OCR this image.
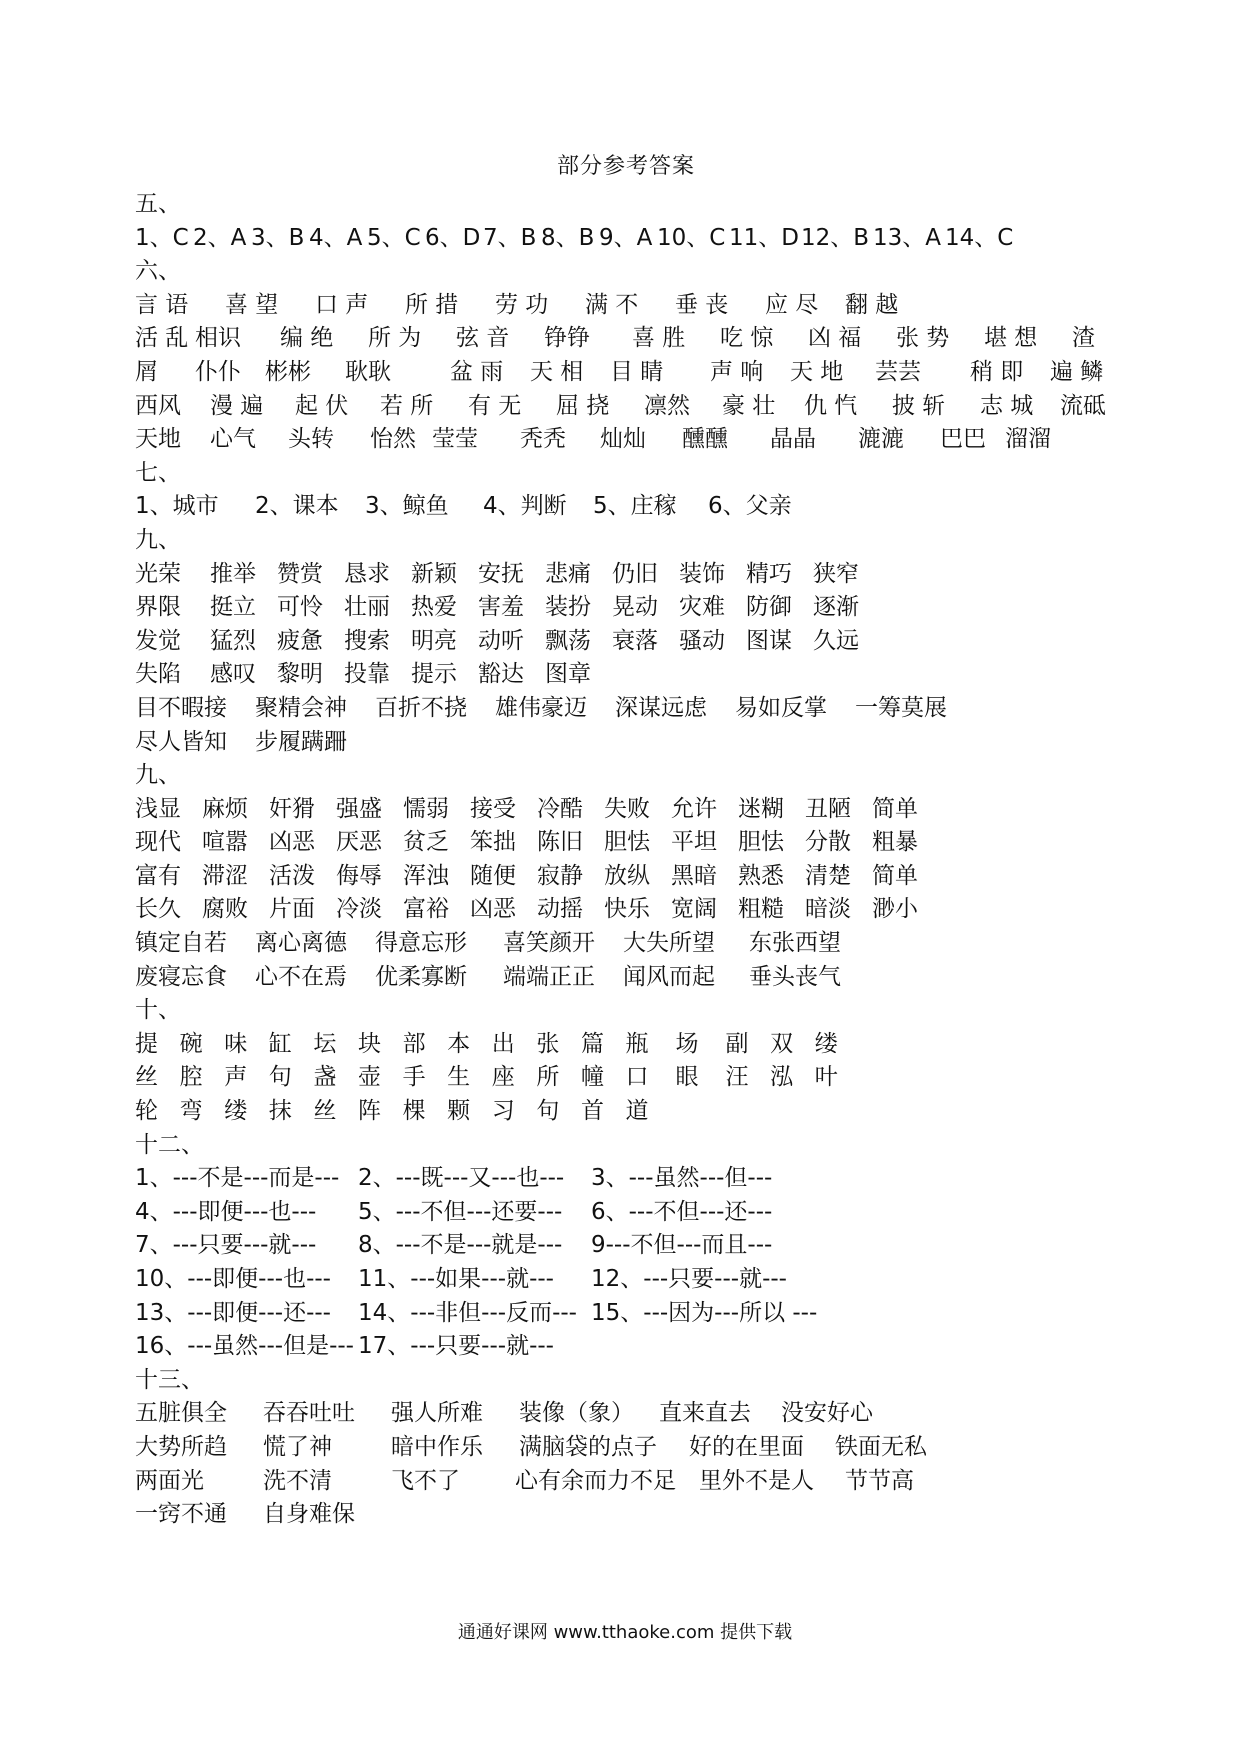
部分参考答案
五、
1、C 2、A 3、B 4、A 5、C 6、D 7、B 8、B 9、A 10、C 11、D12、B 13、A 14、C
六、
言 语 喜 望 口 声 所 措 劳 功 满 不 垂 丧 应 尽 翻 越
活 乱 相识 编 绝 所 为 弦 音 铮铮 喜 胜 吃 惊 凶 福 张 势 堪 想 渣
屑 仆仆 彬彬 耿耿	盆 雨 天 相 目 睛 声 响 天 地 芸芸 稍 即 遍 鳞
西风 漫 遍 起 伏 若 所 有 无 屈 挠 凛然 豪 壮 仇 忾 披 斩 志 城 流砥
天地 心气 头转 怡然 莹莹 秃秃 灿灿 醺醺 晶晶 漉漉 巴巴 溜溜
七、
1、城市 2、课本 3、鲸鱼 4、判断 5、庄稼 6、父亲
九、
光荣 推举 赞赏 恳求 新颖 安抚 悲痛 仍旧 装饰 精巧 狭窄
界限 挺立 可怜 壮丽 热爱 害羞 装扮 晃动 灾难 防御 逐渐
发觉 猛烈 疲惫 搜索 明亮 动听 飘荡 衰落 骚动 图谋 久远
失陷 感叹 黎明 投靠 提示 豁达 图章
目不暇接 聚精会神 百折不挠 雄伟豪迈 深谋远虑 易如反掌 一筹莫展
尽人皆知 步履蹒跚
九、
浅显 麻烦 奸猾 强盛 懦弱 接受 冷酷 失败 允许 迷糊 丑陋 简单
现代 喧嚣 凶恶 厌恶 贫乏 笨拙 陈旧 胆怯 平坦 胆怯 分散 粗暴
富有 滞涩 活泼 侮辱 浑浊 随便 寂静 放纵 黑暗 熟悉 清楚 简单
长久 腐败 片面 冷淡 富裕 凶恶 动摇 快乐 宽阔 粗糙 暗淡 渺小
镇定自若 离心离德 得意忘形 喜笑颜开 大失所望 东张西望
废寝忘食 心不在焉 优柔寡断 端端正正 闻风而起 垂头丧气
十、
提 碗 味 缸 坛 块 部 本 出 张 篇 瓶 场 副 双 缕
丝 腔 声 句 盏 壶 手 生 座 所 幢 口 眼 汪 泓 叶
轮 弯 缕 抹 丝 阵 棵 颗 习 句 首 道
十二、
1、---不是---而是--- 2、---既---又---也--- 3、---虽然---但---
4、---即便---也--- 5、---不但---还要--- 6、---不但---还---
7、---只要---就--- 8、---不是---就是--- 9---不但---而且---
10、---即便---也--- 11、---如果---就--- 12、---只要---就---
13、---即便---还--- 14、---非但---反而--- 15、---因为---所以 ---
16、---虽然---但是--- 17、---只要---就---
十三、
五脏俱全 吞吞吐吐 强人所难 装像（象） 直来直去 没安好心
大势所趋 慌了神	暗中作乐 满脑袋的点子 好的在里面 铁面无私
两面光	洗不清	飞不了 心有余而力不足 里外不是人 节节高
一窍不通 自身难保
通通好课网 www.tthaoke.com 提供下载
